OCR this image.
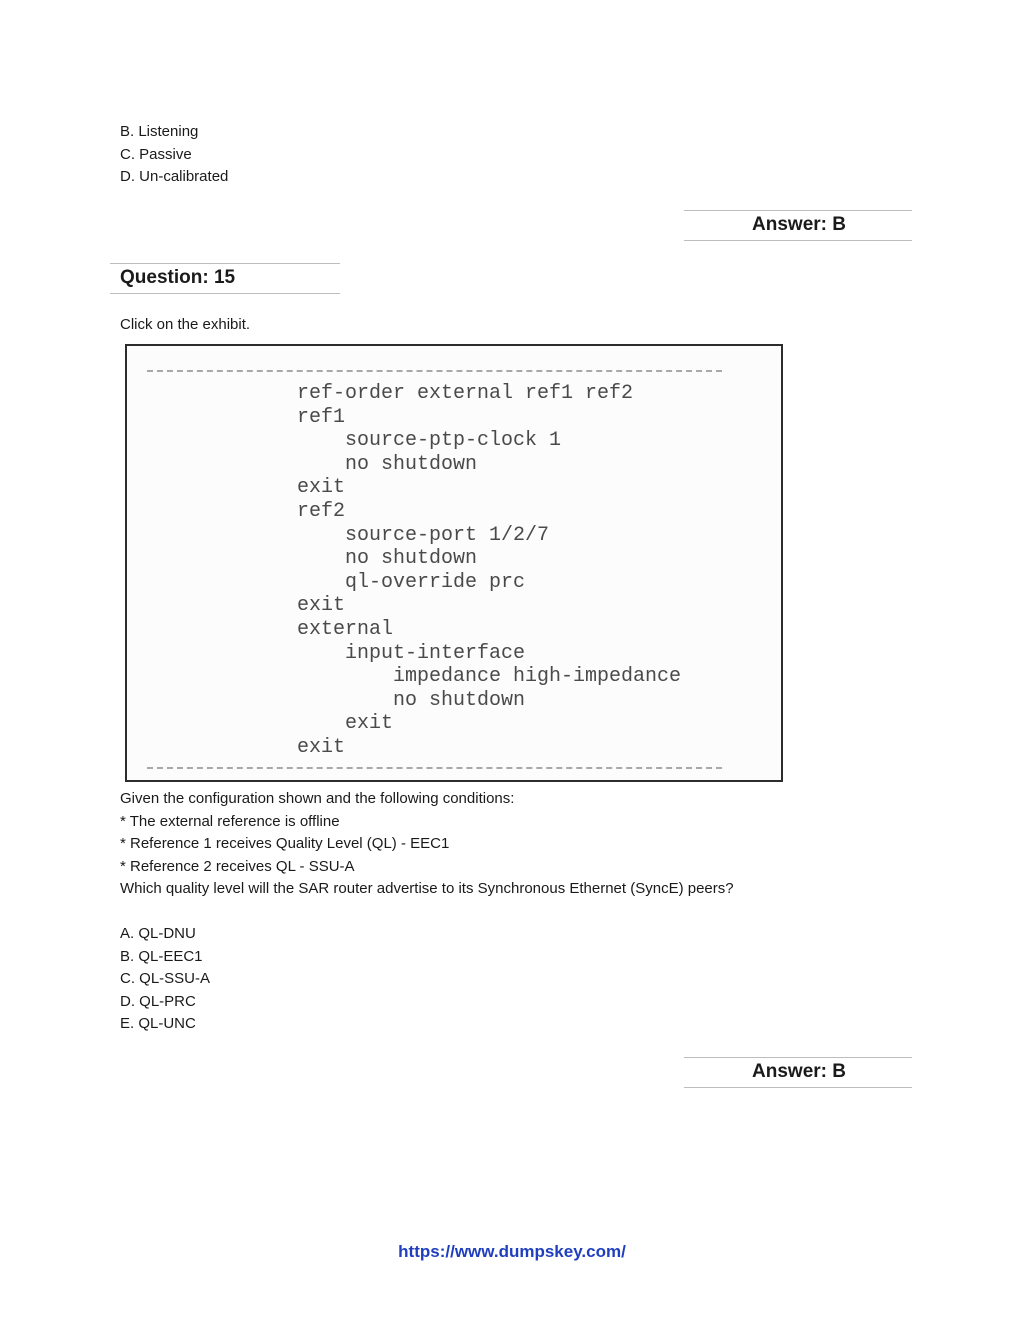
B. Listening
C. Passive
D. Un-calibrated
Answer: B
Question: 15
Click on the exhibit.
ref-order external ref1 ref2
ref1
source-ptp-clock 1
no shutdown
exit
ref2
source-port 1/2/7
no shutdown
ql-override prc
exit
external
input-interface
impedance high-impedance
no shutdown
exit
exit
Given the configuration shown and the following conditions:
* The external reference is offline
* Reference 1 receives Quality Level (QL) - EEC1
* Reference 2 receives QL - SSU-A
Which quality level will the SAR router advertise to its Synchronous Ethernet (SyncE) peers?
A. QL-DNU
B. QL-EEC1
C. QL-SSU-A
D. QL-PRC
E. QL-UNC
Answer: B
https://www.dumpskey.com/
